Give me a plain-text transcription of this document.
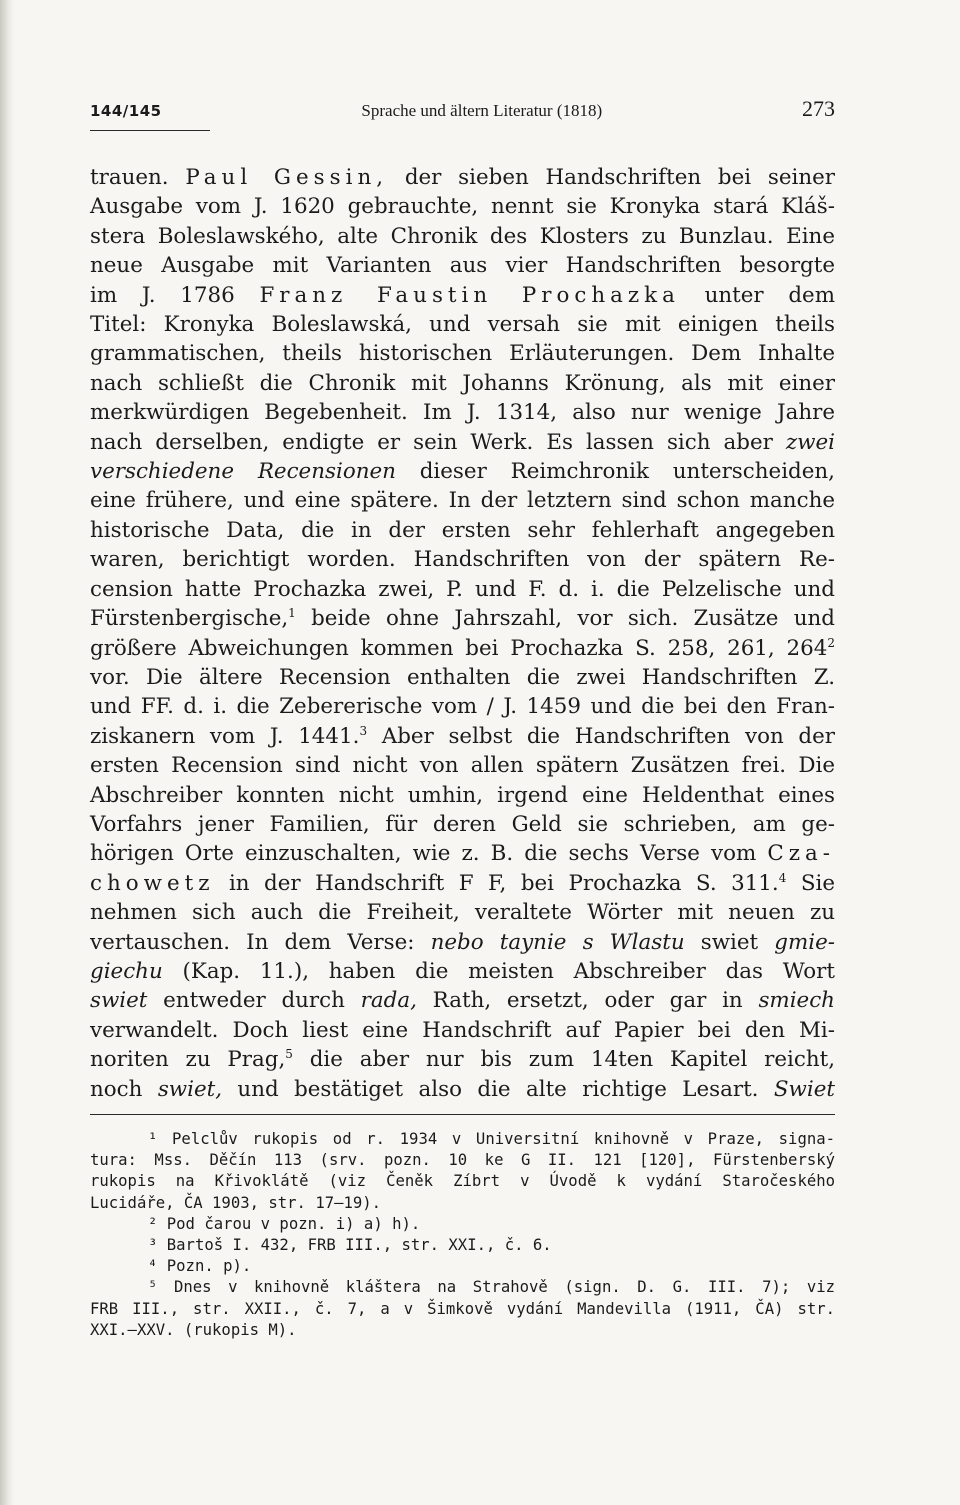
144/145	Sprache und ältern Literatur (1818)	273

trauen. Paul Gessin, der sieben Handschriften bei seiner

Ausgabe vom J. 1620 gebrauchte, nennt sie Kronyka stará Kláš-

stera Boleslawského, alte Chronik des Klosters zu Bunzlau. Eine

neue Ausgabe mit Varianten aus vier Handschriften besorgte

im J. 1786 Franz Faustin Prochazka unter dem

Titel: Kronyka Boleslawská, und versah sie mit einigen theils

grammatischen, theils historischen Erläuterungen. Dem Inhalte

nach schließt die Chronik mit Johanns Krönung, als mit einer

merkwürdigen Begebenheit. Im J. 1314, also nur wenige Jahre

nach derselben, endigte er sein Werk. Es lassen sich aber zwei

verschiedene Recensionen dieser Reimchronik unterscheiden,

eine frühere, und eine spätere. In der letztern sind schon manche

historische Data, die in der ersten sehr fehlerhaft angegeben

waren, berichtigt worden. Handschriften von der spätern Re-

cension hatte Prochazka zwei, P. und F. d. i. die Pelzelische und

Fürstenbergische,$^1$ beide ohne Jahrszahl, vor sich. Zusätze und

größere Abweichungen kommen bei Prochazka S. 258, 261, $264^2$

vor. Die ältere Recension enthalten die zwei Handschriften Z.

und FF. d. i. die Zebererische vom / J. 1459 und die bei den Fran-

ziskanern vom J. 1441.$^3$ Aber selbst die Handschriften von der

ersten Recension sind nicht von allen spätern Zusätzen frei. Die

Abschreiber konnten nicht umhin, irgend eine Heldenthat eines

Vorfahrs jener Familien, für deren Geld sie schrieben, am ge-

hörigen Orte einzuschalten, wie z. B. die sechs Verse vom Cza-

chowetz in der Handschrift F F, bei Prochazka S. 311.$^4$ Sie

nehmen sich auch die Freiheit, veraltete Wörter mit neuen zu

vertauschen. In dem Verse: nebo taynie s Wlastu swiet gmie-

giechu (Kap. 11.), haben die meisten Abschreiber das Wort

swiet entweder durch rada, Rath, ersetzt, oder gar in smiech

verwandelt. Doch liest eine Handschrift auf Papier bei den Mi-

noriten zu Prag,$^5$ die aber nur bis zum 14ten Kapitel reicht,

noch swiet, und bestätiget also die alte richtige Lesart. Swiet

¹ Pelclův rukopis od r. 1934 v Universitní knihovně v Praze, signa-
tura: Mss. Děčín 113 (srv. pozn. 10 ke G II. 121 [120], Fürstenberský
rukopis na Křivoklátě (viz Čeněk Zíbrt v Úvodě k vydání Staročeského
Lucidáře, ČA 1903, str. 17—19).
² Pod čarou v pozn. i) a) h).
³ Bartoš I. 432, FRB III., str. XXI., č. 6.
⁴ Pozn. p).
⁵ Dnes v knihovně kláštera na Strahově (sign. D. G. III. 7); viz
FRB III., str. XXII., č. 7, a v Šimkově vydání Mandevilla (1911, ČA) str.
XXI.—XXV. (rukopis M).
